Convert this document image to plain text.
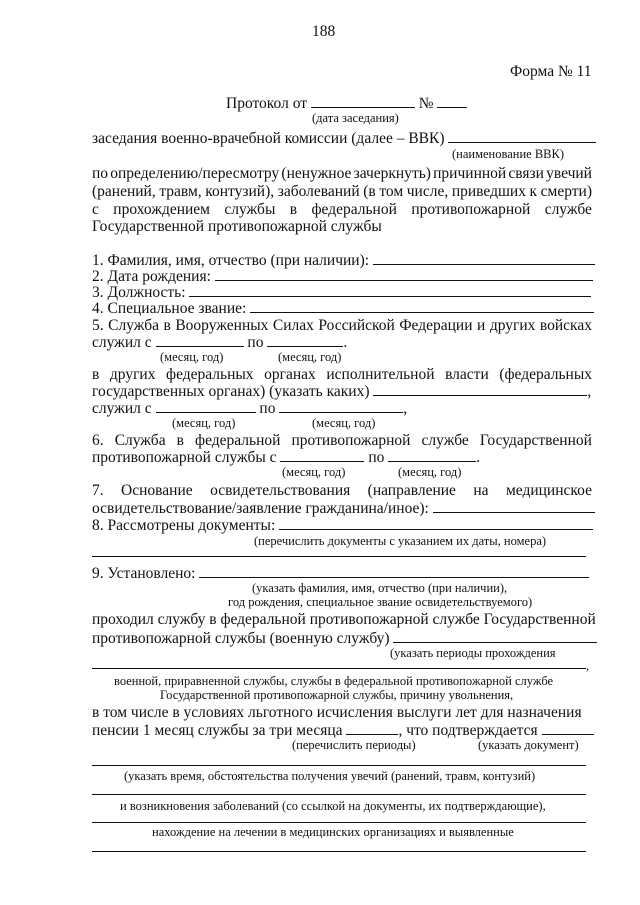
188
Форма № 11
Протокол от	№
(дата заседания)
заседания военно-врачебной комиссии (далее – ВВК)
(наименование ВВК)
по определению/пересмотру (ненужное зачеркнуть) причинной связи увечий
(ранений, травм, контузий), заболеваний (в том числе, приведших к смерти)
с прохождением службы в федеральной противопожарной службе
Государственной противопожарной службы
1. Фамилия, имя, отчество (при наличии):
2. Дата рождения:
3. Должность:
4. Специальное звание:
5. Служба в Вооруженных Силах Российской Федерации и других войсках
служил с	по	.
(месяц, год)	(месяц, год)
в других федеральных органах исполнительной власти (федеральных
государственных органах) (указать каких)	,
служил с	по	,
(месяц, год)	(месяц, год)
6. Служба в федеральной противопожарной службе Государственной
противопожарной службы с	по	.
(месяц, год)	(месяц, год)
7. Основание освидетельствования (направление на медицинское
освидетельствование/заявление гражданина/иное):
8. Рассмотрены документы:
(перечислить документы с указанием их даты, номера)
9. Установлено:
(указать фамилия, имя, отчество (при наличии),
год рождения, специальное звание освидетельствуемого)
проходил службу в федеральной противопожарной службе Государственной
противопожарной службы (военную службу)
(указать периоды прохождения
,
военной, приравненной службы, службы в федеральной противопожарной службе
Государственной противопожарной службы, причину увольнения,
в том числе в условиях льготного исчисления выслуги лет для назначения
пенсии 1 месяц службы за три месяца	, что подтверждается
(перечислить периоды)	(указать документ)
(указать время, обстоятельства получения увечий (ранений, травм, контузий)
и возникновения заболеваний (со ссылкой на документы, их подтверждающие),
нахождение на лечении в медицинских организациях и выявленные
